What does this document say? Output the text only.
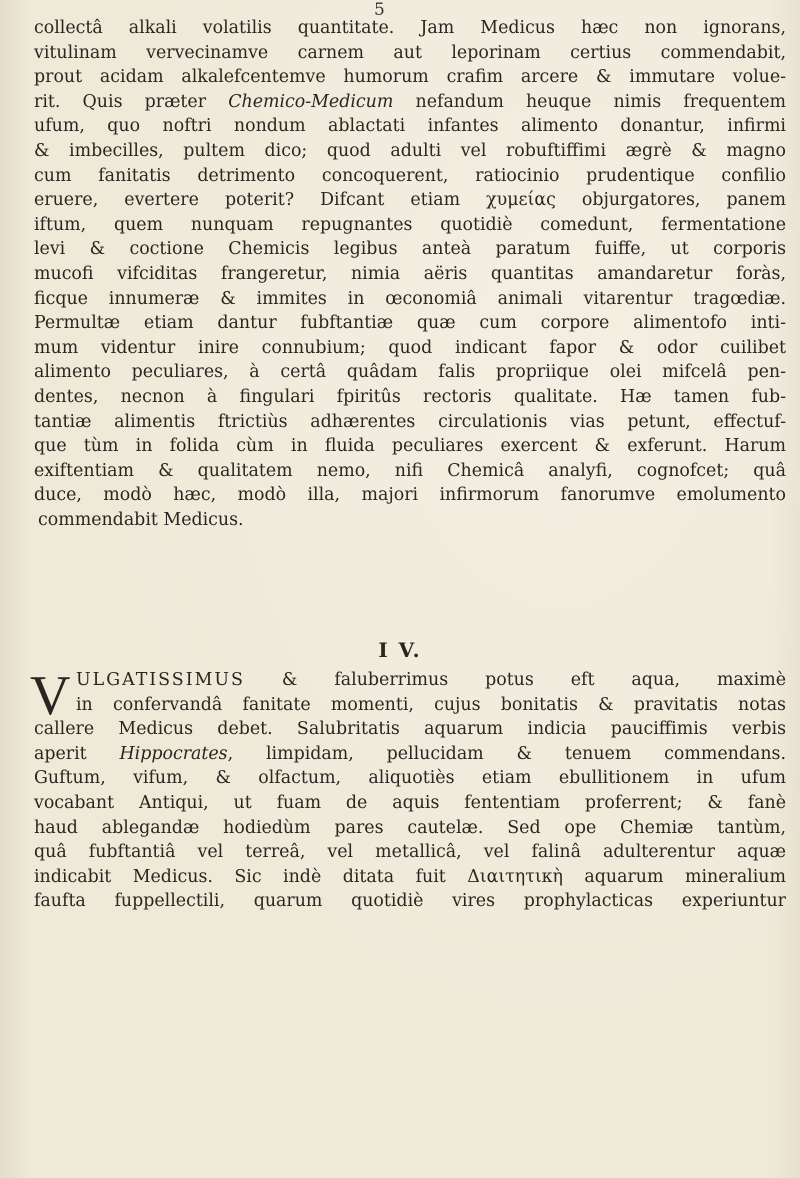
5
collectâ alkali volatilis quantitate. Jam Medicus hæc non ignorans,
vitulinam vervecinamve carnem aut leporinam certius commendabit,
prout acidam alkalefcentemve humorum crafim arcere & immutare volue-
rit. Quis præter Chemico-Medicum nefandum heuque nimis frequentem
ufum, quo noftri nondum ablactati infantes alimento donantur, infirmi
& imbecilles, pultem dico; quod adulti vel robuftiffimi ægrè & magno
cum fanitatis detrimento concoquerent, ratiocinio prudentique confilio
eruere, evertere poterit? Difcant etiam χυμείας objurgatores, panem
iftum, quem nunquam repugnantes quotidiè comedunt, fermentatione
levi & coctione Chemicis legibus anteà paratum fuiffe, ut corporis
mucofi vifciditas frangeretur, nimia aëris quantitas amandaretur foràs,
ficque innumeræ & immites in œconomiâ animali vitarentur tragœdiæ.
Permultæ etiam dantur fubftantiæ quæ cum corpore alimentofo inti-
mum videntur inire connubium; quod indicant fapor & odor cuilibet
alimento peculiares, à certâ quâdam falis propriique olei mifcelâ pen-
dentes, necnon à fingulari fpiritûs rectoris qualitate. Hæ tamen fub-
tantiæ alimentis ftrictiùs adhærentes circulationis vias petunt, effectuf-
que tùm in folida cùm in fluida peculiares exercent & exferunt. Harum
exiftentiam & qualitatem nemo, nifi Chemicâ analyfi, cognofcet; quâ
duce, modò hæc, modò illa, majori infirmorum fanorumve emolumento
commendabit Medicus.
I V.
V ULGATISSIMUS & faluberrimus potus eft aqua, maximè
in confervandâ fanitate momenti, cujus bonitatis & pravitatis notas
callere Medicus debet. Salubritatis aquarum indicia pauciffimis verbis
aperit Hippocrates, limpidam, pellucidam & tenuem commendans.
Guftum, vifum, & olfactum, aliquotiès etiam ebullitionem in ufum
vocabant Antiqui, ut fuam de aquis fententiam proferrent; & fanè
haud ablegandæ hodiedùm pares cautelæ. Sed ope Chemiæ tantùm,
quâ fubftantiâ vel terreâ, vel metallicâ, vel falinâ adulterentur aquæ
indicabit Medicus. Sic indè ditata fuit Διαιτητικὴ aquarum mineralium
faufta fuppellectili, quarum quotidiè vires prophylacticas experiuntur
